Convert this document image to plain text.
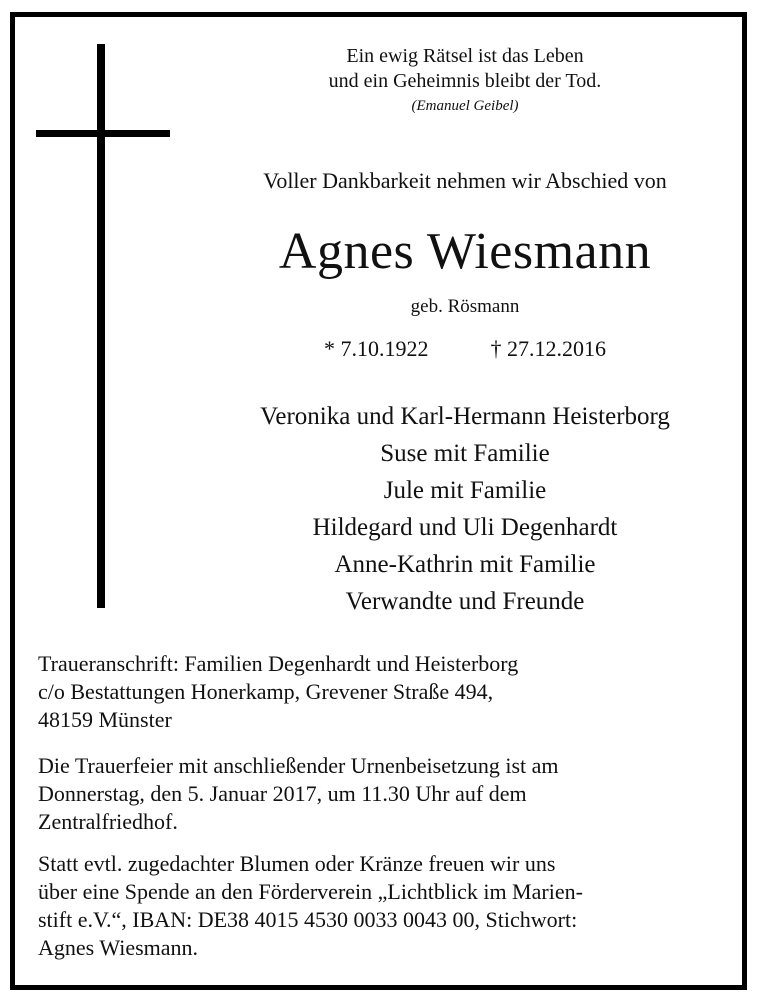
Ein ewig Rätsel ist das Leben
und ein Geheimnis bleibt der Tod.
(Emanuel Geibel)
Voller Dankbarkeit nehmen wir Abschied von
Agnes Wiesmann
geb. Rösmann
* 7.10.1922	† 27.12.2016
Veronika und Karl-Hermann Heisterborg
Suse mit Familie
Jule mit Familie
Hildegard und Uli Degenhardt
Anne-Kathrin mit Familie
Verwandte und Freunde

Traueranschrift: Familien Degenhardt und Heisterborg

c/o Bestattungen Honerkamp, Grevener Straße 494,

48159 Münster

Die Trauerfeier mit anschließender Urnenbeisetzung ist am

Donnerstag, den 5. Januar 2017, um 11.30 Uhr auf dem

Zentralfriedhof.

Statt evtl. zugedachter Blumen oder Kränze freuen wir uns

über eine Spende an den Förderverein „Lichtblick im Marien-

stift e.V.“, IBAN: DE38 4015 4530 0033 0043 00, Stichwort:

Agnes Wiesmann.
